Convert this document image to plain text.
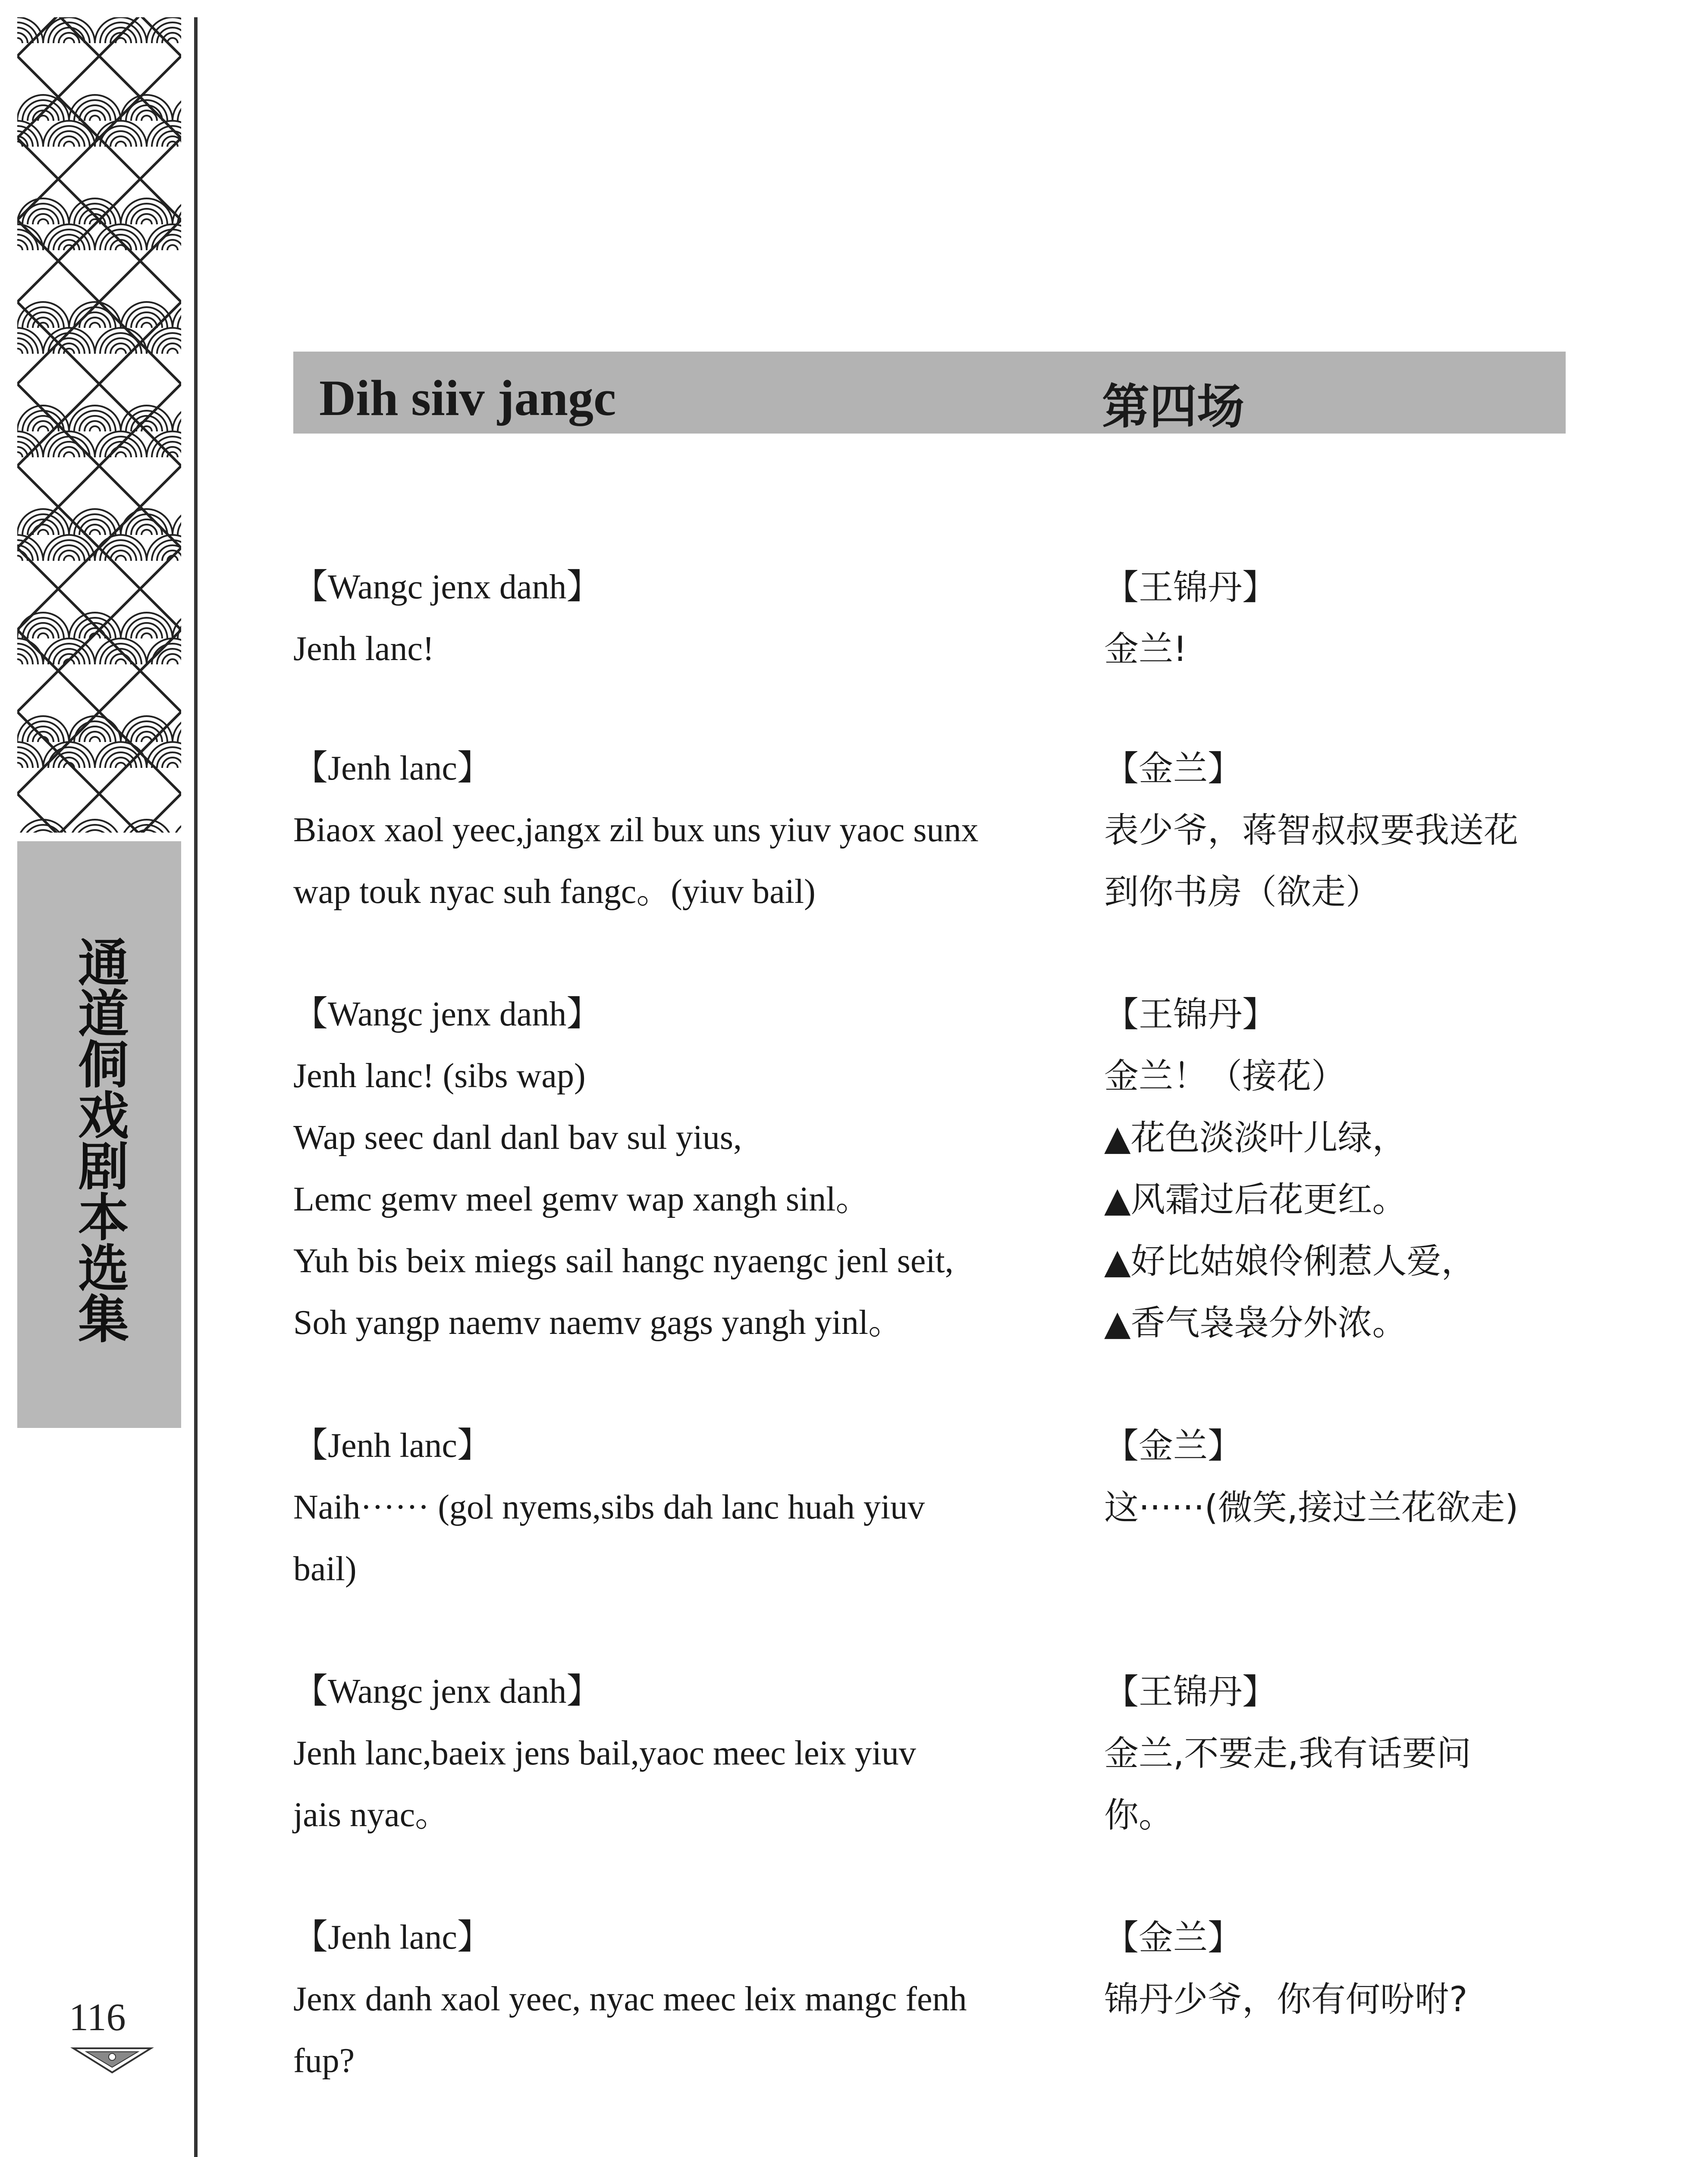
通
道
侗
戏
剧
本
选
集
116
Dih siiv jangc	第四场
【Wangc jenx danh】
Jenh lanc!
【王锦丹】
金兰!
【Jenh lanc】
Biaox xaol yeec,jangx zil bux uns yiuv yaoc sunx
wap touk nyac suh fangc。(yiuv bail)
【金兰】
表少爷，蒋智叔叔要我送花
到你书房（欲走）
【Wangc jenx danh】
Jenh lanc! (sibs wap)
Wap seec danl danl bav sul yius,
Lemc gemv meel gemv wap xangh sinl。
Yuh bis beix miegs sail hangc nyaengc jenl seit,
Soh yangp naemv naemv gags yangh yinl。
【王锦丹】
金兰！（接花）
▲花色淡淡叶儿绿，
▲风霜过后花更红。
▲好比姑娘伶俐惹人爱，
▲香气袅袅分外浓。
【Jenh lanc】
Naih······ (gol nyems,sibs dah lanc huah yiuv
bail)
【金兰】
这······(微笑,接过兰花欲走)
【Wangc jenx danh】
Jenh lanc,baeix jens bail,yaoc meec leix yiuv
jais nyac。
【王锦丹】
金兰,不要走,我有话要问
你。
【Jenh lanc】
Jenx danh xaol yeec, nyac meec leix mangc fenh
fup?
【金兰】
锦丹少爷，你有何吩咐?
